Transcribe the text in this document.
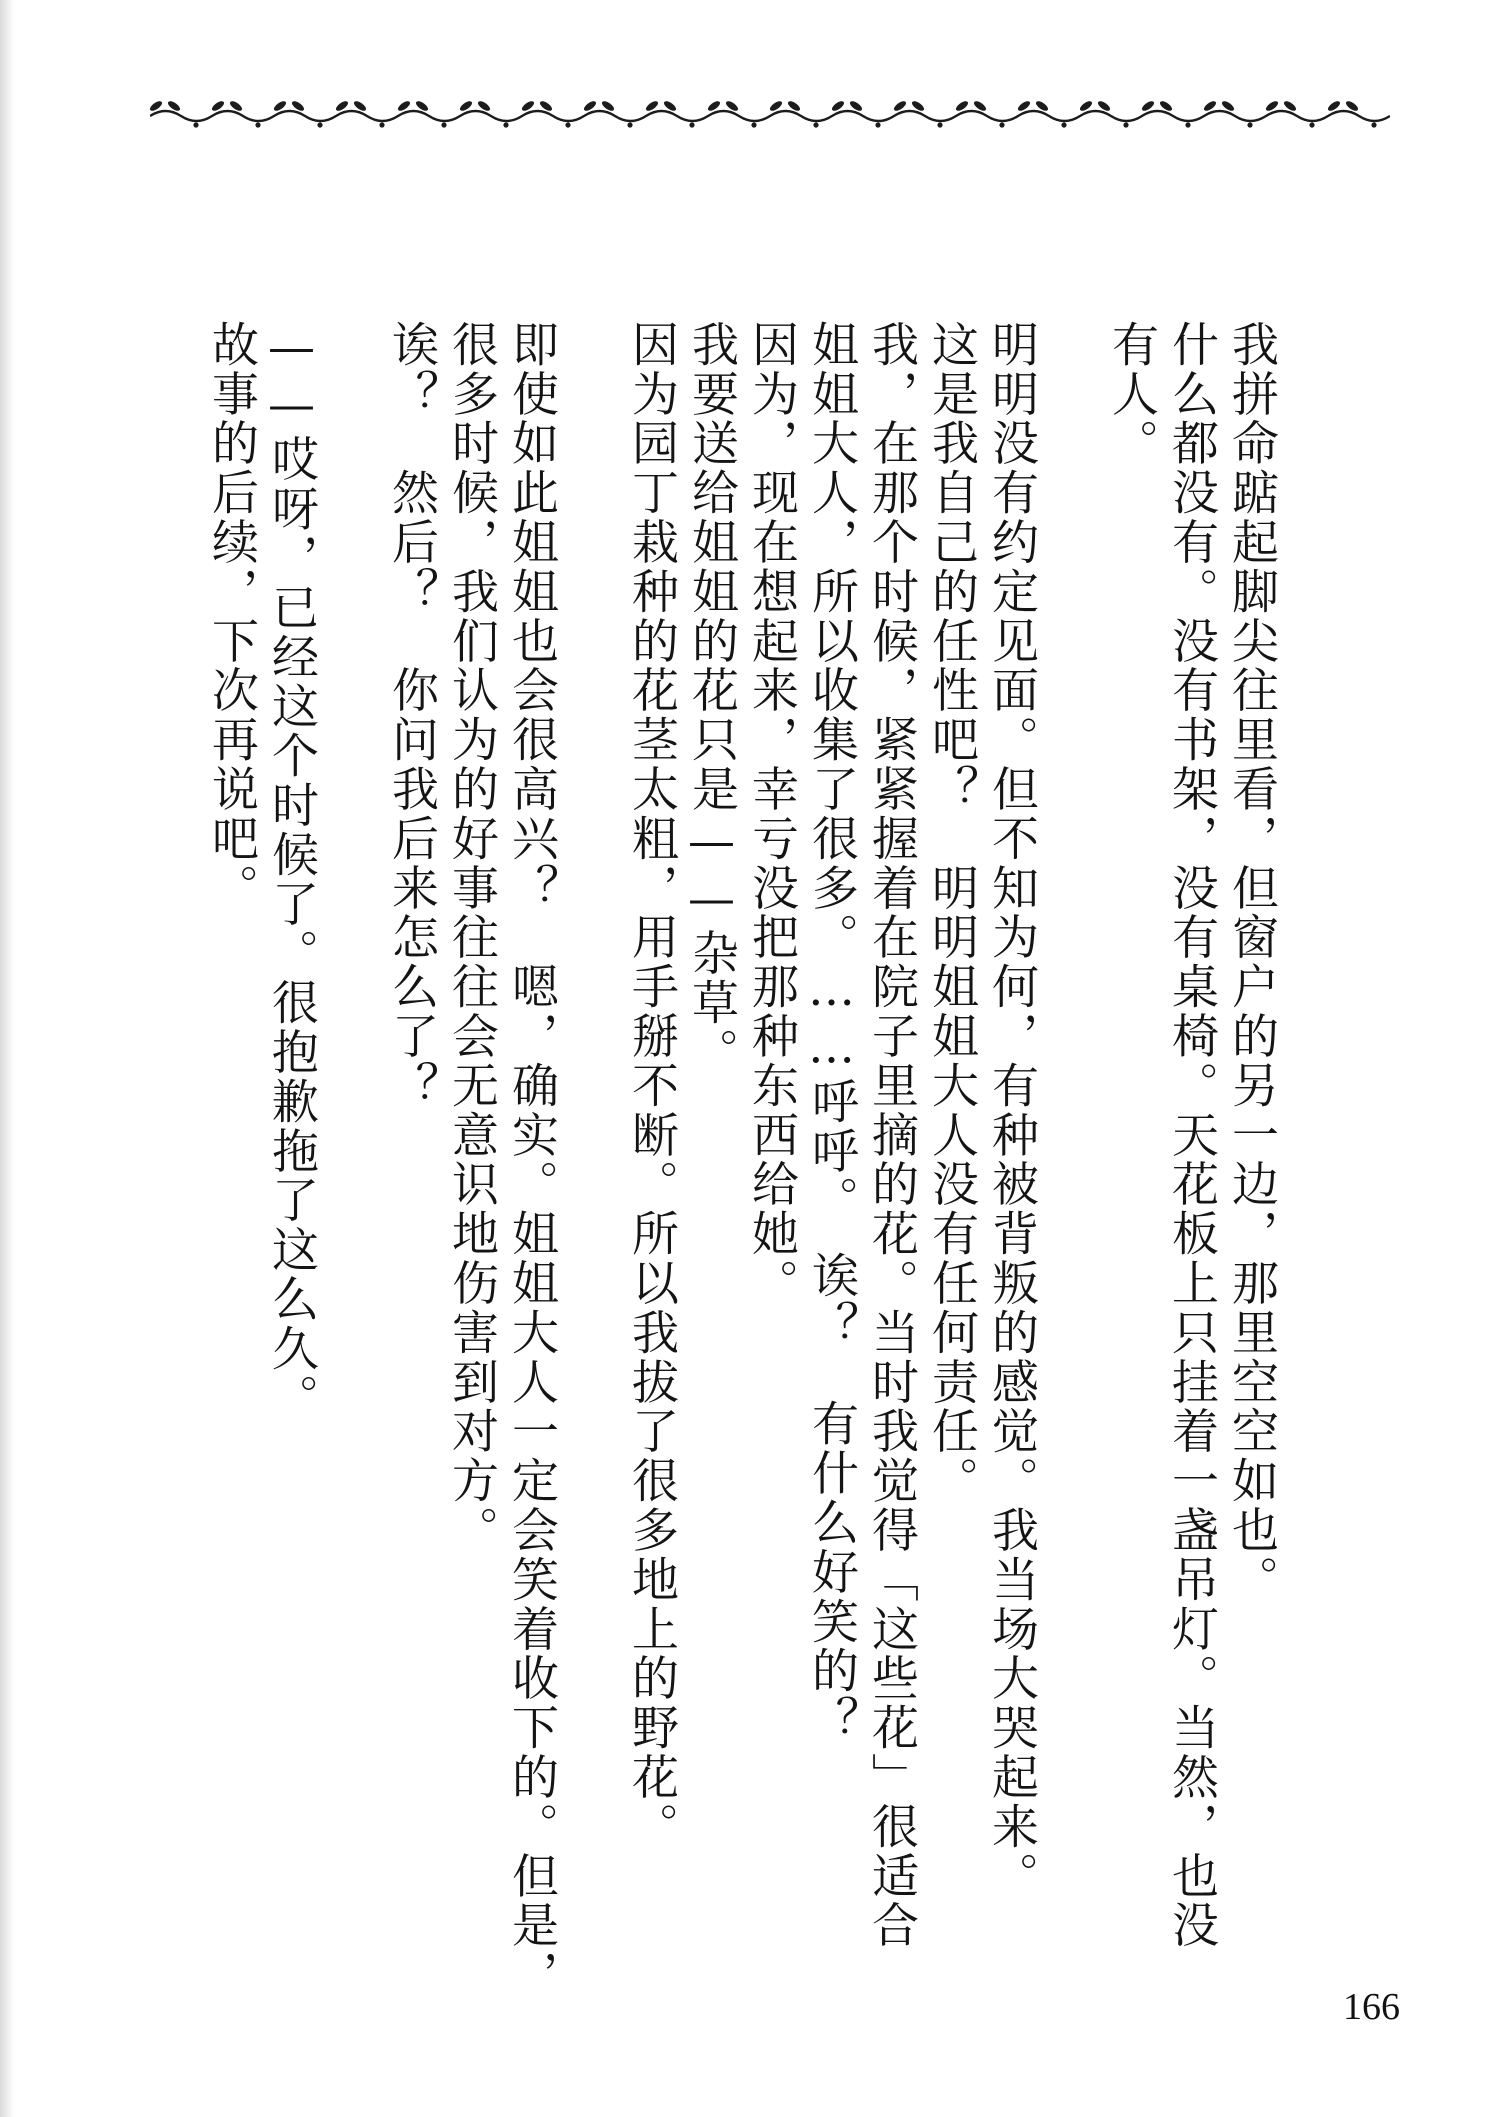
我拼命踮起脚尖往里看，但窗户的另一边，那里空空如也。

什么都没有。没有书架，没有桌椅。天花板上只挂着一盏吊灯。当然，也没

有人。

明明没有约定见面。但不知为何，有种被背叛的感觉。我当场大哭起来。

这是我自己的任性吧？　明明姐姐大人没有任何责任。

我，在那个时候，紧紧握着在院子里摘的花。当时我觉得「这些花」很适合

姐姐大人，所以收集了很多。……呼呼。　诶？　有什么好笑的？

因为，现在想起来，幸亏没把那种东西给她。

我要送给姐姐的花只是——杂草。

因为园丁栽种的花茎太粗，用手掰不断。所以我拔了很多地上的野花。

即使如此姐姐也会很高兴？　嗯，确实。姐姐大人一定会笑着收下的。但是，

很多时候，我们认为的好事往往会无意识地伤害到对方。

诶？　然后？　你问我后来怎么了？

——哎呀，已经这个时候了。很抱歉拖了这么久。

故事的后续，下次再说吧。

166
